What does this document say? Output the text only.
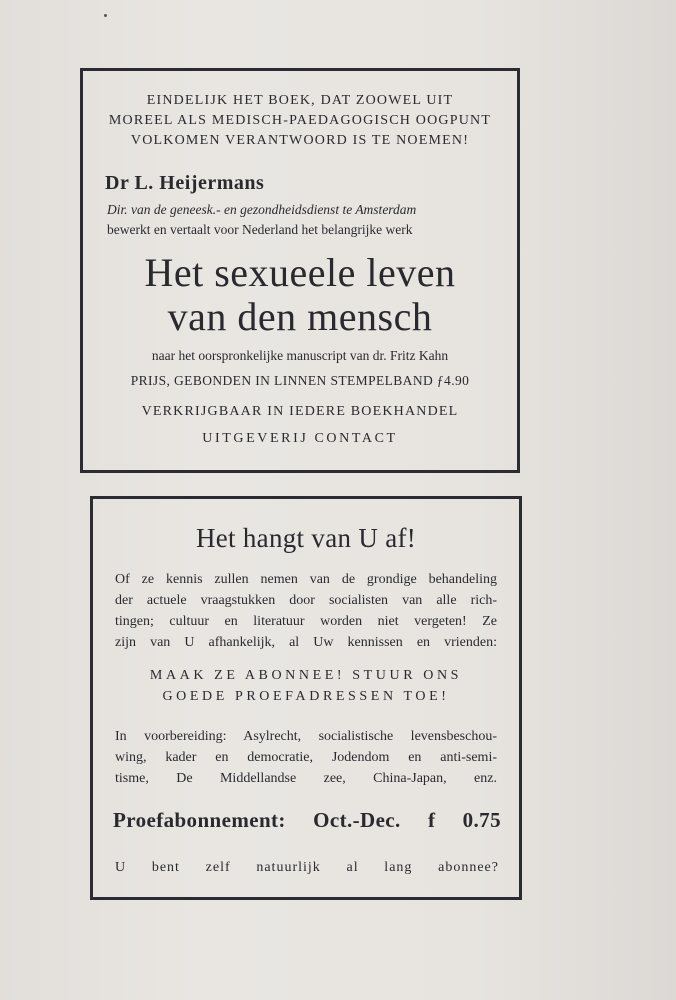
EINDELIJK HET BOEK, DAT ZOOWEL UIT
MOREEL ALS MEDISCH-PAEDAGOGISCH OOGPUNT
VOLKOMEN VERANTWOORD IS TE NOEMEN!
Dr L. Heijermans
Dir. van de geneesk.- en gezondheidsdienst te Amsterdam
bewerkt en vertaalt voor Nederland het belangrijke werk
Het sexueele leven
van den mensch
naar het oorspronkelijke manuscript van dr. Fritz Kahn
PRIJS, GEBONDEN IN LINNEN STEMPELBAND ƒ4.90
VERKRIJGBAAR IN IEDERE BOEKHANDEL
UITGEVERIJ CONTACT
Het hangt van U af!
Of ze kennis zullen nemen van de grondige behandeling
der actuele vraagstukken door socialisten van alle rich-
tingen; cultuur en literatuur worden niet vergeten! Ze
zijn van U afhankelijk, al Uw kennissen en vrienden:
MAAK ZE ABONNEE! STUUR ONS
GOEDE PROEFADRESSEN TOE!
In voorbereiding: Asylrecht, socialistische levensbeschou-
wing, kader en democratie, Jodendom en anti-semi-
tisme, De Middellandse zee, China-Japan, enz.
Proefabonnement: Oct.-Dec. f 0.75
U bent zelf natuurlijk al lang abonnee?
